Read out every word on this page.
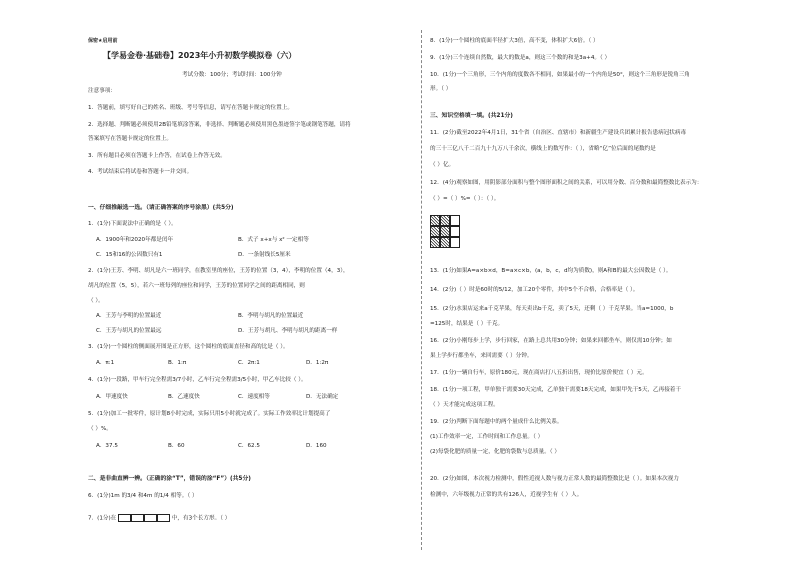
保密★启用前
【学易金卷·基础卷】2023年小升初数学模拟卷（六）
考试分数：100分；考试时间：100分钟
注意事项：
1．答题前，填写好自己的姓名、班级、考号等信息，请写在答题卡规定的位置上。
2．选择题、判断题必须使用2B铅笔填涂答案，非选择、判断题必须使用黑色墨迹签字笔或钢笔答题，请将
答案填写在答题卡规定的位置上。
3．所有题目必须在答题卡上作答，在试卷上作答无效。
4．考试结束后将试卷和答题卡一并交回。
一、仔细推敲选一选。（请正确答案的序号涂黑）(共5分)
1．(1分)下面说法中正确的是（ ）。
A．1900年和2020年都是闰年	B．式子 x+x与 x² 一定相等
C．15和16的公因数只有1	D．一条射线长5厘米
2．(1分)王芳、李明、胡凡是六一班同学，在教室里的座位，王芳的位置（3，4），李明的位置（4，3），
胡凡的位置（5，5），若六一班每列的座位和同学，王芳的位置同学之间的距离相同，则
（ ）。
A．王芳与李明的位置最近	B．李明与胡凡的位置最近
C．王芳与胡凡的位置最远	D．王芳与胡凡、李明与胡凡的距离一样
3．(1分)一个圆柱的侧面展开图是正方形，这个圆柱的底面直径和高的比是（ ）。
A．π:1	B．1:π	C．2π:1	D．1:2π
4．(1分)一段路，甲车行完全程需3/7小时，乙车行完全程需3/5小时，甲乙车比较（ ）。
A．甲速度快	B．乙速度快	C．速度相等	D．无法确定
5．(1分)加工一批零件，原计划8小时完成，实际只用5小时就完成了。实际工作效率比计划提高了
（ ）%。
A．37.5	B．60	C．62.5	D．160
二、是非曲直辨一辨。（正确的涂“T”，错误的涂“F”）(共5分)
6．(1分)1m 的3/4 和4m 的1/4 相等。（ ）
7．(1分)在	中，有3个长方形。（ ）
8．(1分)一个圆柱的底面半径扩大3倍，高不变，体积扩大6倍。（ ）
9．(1分)三个连续自然数，最大的数是a，则这三个数的和是3a+4。（ ）
10．(1分)一个三角形，三个内角的度数各不相同，如果最小的一个内角是50°，则这个三角形是锐角三角
形。（ ）
三、知识空格填一填。(共21分)
11．(2分)截至2022年4月1日，31个省（自治区、直辖市）和新疆生产建设兵团累计报告患病冠状病毒
的三十三亿八千二百九十九万八千余次，横线上的数写作：（ ），省略“亿”位后面的尾数约是
（ ）亿。
12．(4分)观察如图，用阴影部分面积与整个图形面积之间的关系，可以用分数、百分数和最简整数比表示为：
（ ）=（ ）%=（ ）：（ ）。
13．(1分)如果A=a×b×d，B=a×c×b，(a，b，c，d均为质数)，则A和B的最大公因数是（ ）。
14．(2分)（ ）时是60时的5/12，加工20个零件，其中5个不合格，合格率是（ ）。
15．(2分)水果店运来a千克苹果，每天卖出b千克，卖了5天，还剩（ ）千克苹果。当a=1000，b
=125时，结果是（ ）千克。
16．(2分)小刚每步上学，步行回家，在路上总共用30分钟；如果来回都坐车，则仅需10分钟；如
果上学步行都坐车，来回需要（ ）分钟。
17．(1分)一辆自行车，原价180元，现在商店打八五折出售，现价比原价便宜（ ）元。
18．(1分)一项工程，甲单独干需要30天完成，乙单独干需要18天完成，如果甲先干5天，乙再接着干
（ ）天才能完成这项工程。
19．(2分)判断下面每题中的两个量成什么比例关系。
(1)工作效率一定，工作时间和工作总量。（ ）
(2)每袋化肥的质量一定，化肥的袋数与总质量。（ ）
20．(2分)如图，本次视力检测中，假性近视人数与视力正常人数的最简整数比是（ ）。如果本次视力
检测中，六年级视力正常的共有126人，近视学生有（ ）人。
